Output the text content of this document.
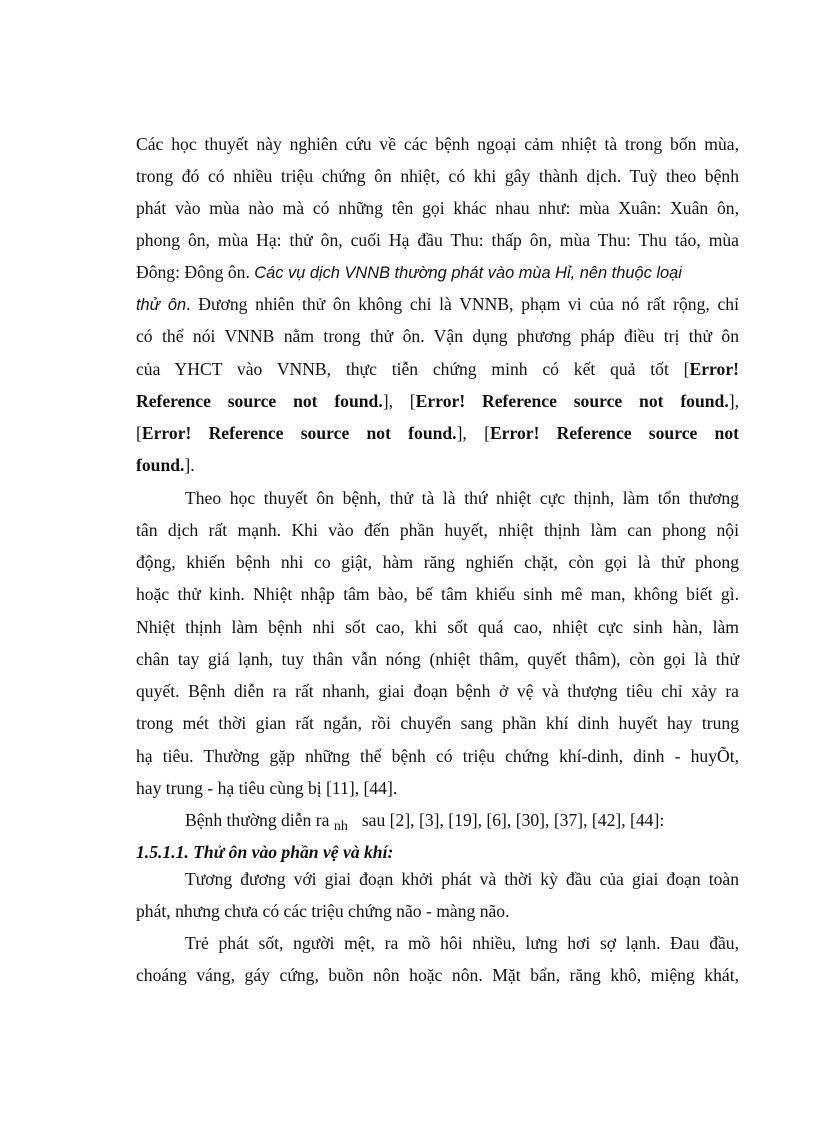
Các học thuyết này nghiên cứu về các bệnh ngoại cảm nhiệt tà trong bốn mùa,
trong đó có nhiều triệu chứng ôn nhiệt, có khi gây thành dịch. Tuỳ theo bệnh
phát vào mùa nào mà có những tên gọi khác nhau như: mùa Xuân: Xuân ôn,
phong ôn, mùa Hạ: thử ôn, cuối Hạ đầu Thu: thấp ôn, mùa Thu: Thu táo, mùa
Đông: Đông ôn. Các vụ dịch VNNB thường phát vào mùa Hỉ, nên thuộc loại
thử ôn. Đương nhiên thử ôn không chỉ là VNNB, phạm vi của nó rất rộng, chỉ
có thể nói VNNB nằm trong thử ôn. Vận dụng phương pháp điều trị thử ôn
của YHCT vào VNNB, thực tiễn chứng minh có kết quả tốt [Error!
Reference source not found.], [Error! Reference source not found.],
[Error! Reference source not found.], [Error! Reference source not
found.].
Theo học thuyết ôn bệnh, thử tà là thứ nhiệt cực thịnh, làm tổn thương
tân dịch rất mạnh. Khi vào đến phần huyết, nhiệt thịnh làm can phong nội
động, khiến bệnh nhi co giật, hàm răng nghiến chặt, còn gọi là thử phong
hoặc thử kinh. Nhiệt nhập tâm bào, bế tâm khiếu sinh mê man, không biết gì.
Nhiệt thịnh làm bệnh nhi sốt cao, khi sốt quá cao, nhiệt cực sinh hàn, làm
chân tay giá lạnh, tuy thân vẫn nóng (nhiệt thâm, quyết thâm), còn gọi là thử
quyết. Bệnh diễn ra rất nhanh, giai đoạn bệnh ở vệ và thượng tiêu chỉ xảy ra
trong mét thời gian rất ngắn, rồi chuyển sang phần khí dinh huyết hay trung
hạ tiêu. Thường gặp những thể bệnh có triệu chứng khí-dinh, dinh - huyÕt,
hay trung - hạ tiêu cùng bị [11], [44].
Bệnh thường diễn ra $_{nh}$ sau [2], [3], [19], [6], [30], [37], [42], [44]:
1.5.1.1. Thử ôn vào phần vệ và khí:
Tương đương với giai đoạn khởi phát và thời kỳ đầu của giai đoạn toàn
phát, nhưng chưa có các triệu chứng não - màng não.
Trẻ phát sốt, người mệt, ra mồ hôi nhiều, lưng hơi sợ lạnh. Đau đầu,
choáng váng, gáy cứng, buồn nôn hoặc nôn. Mặt bẩn, răng khô, miệng khát,
